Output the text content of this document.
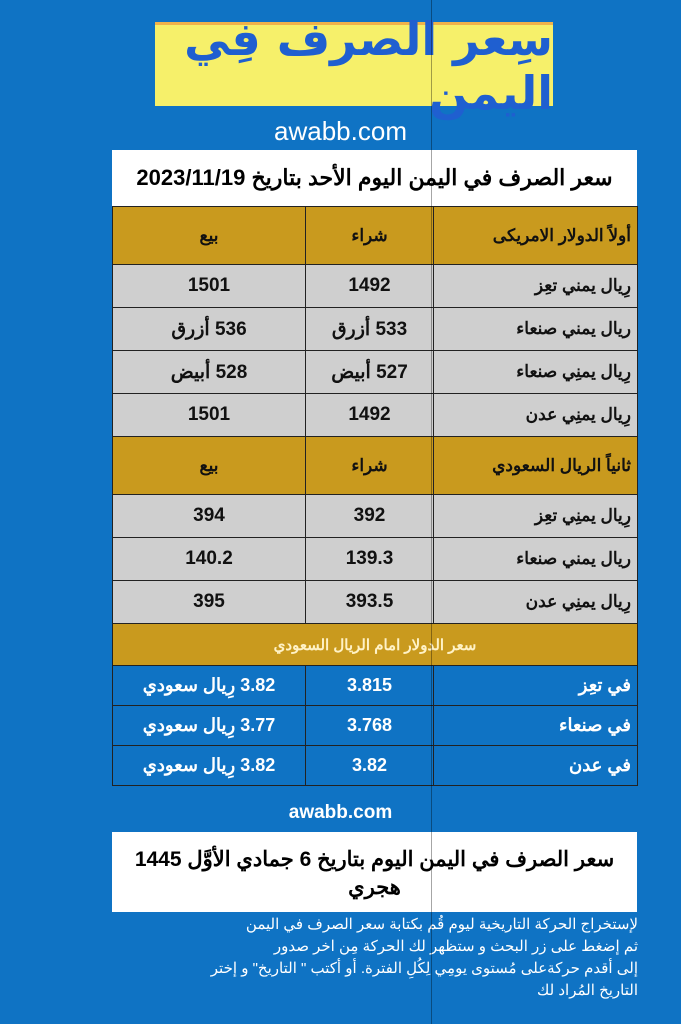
سِعر الصرف فِي اليمن
awabb.com
سعر الصرف في اليمن اليوم الأحد بتاريخ 2023/11/19
أولاً الدولار الامريكى	شراء	بيع
رِيال يمني تعِز	1492	1501
ريال يمني صنعاء	533 أزرق	536 أزرق
رِيال يمنِي صنعاء	527 أبيض	528 أبيض
رِيال يمنِي عدن	1492	1501
ثانياً الريال السعودي	شراء	بيع
رِيال يمنِي تعِز	392	394
ريال يمني صنعاء	139.3	140.2
رِيال يمنِي عدن	393.5	395
سعر الدولار امام الريال السعودي		
في تعِز	3.815	3.82 رِيال سعودي
في صنعاء	3.768	3.77 رِيال سعودي
في عدن	3.82	3.82 رِيال سعودي
awabb.com
سعر الصرف في اليمن اليوم بتاريخ 6 جمادي الأوَّل 1445 هجري
لإستخراج الحركة التاريخية ليوم قُم بكتابة سعر الصرف في اليمن
ثم إضغط على زر البحث و ستظهر لك الحركة مِن اخر صدور
إلى أقدم حركةعلى مُستوى يومِي لِكُلِ الفترة. أو أكتب " التاريخ" و إختر
التاريخ المُراد لك
